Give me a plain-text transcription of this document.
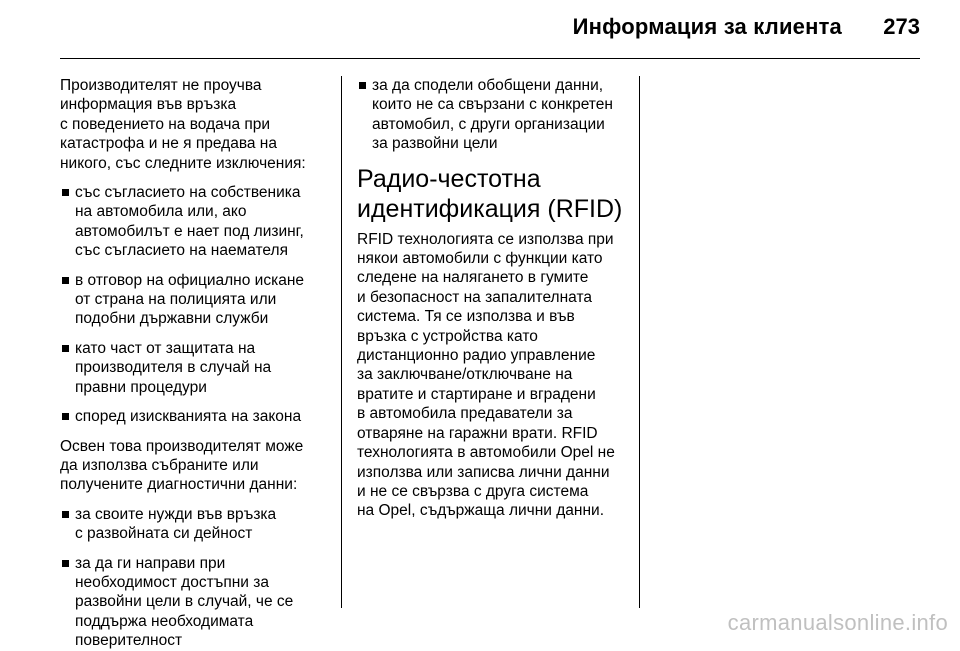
Информация за клиента 273

Производителят не проучва
информация във връзка
с поведението на водача при
катастрофа и не я предава на
никого, със следните изключения:

със съгласието на собственика
на автомобила или, ако
автомобилът е нает под лизинг,
със съгласието на наемателя
в отговор на официално искане
от страна на полицията или
подобни държавни служби
като част от защитата на
производителя в случай на
правни процедури
според изискванията на закона

Освен това производителят може
да използва събраните или
получените диагностични данни:

за своите нужди във връзка
с развойната си дейност
за да ги направи при
необходимост достъпни за
развойни цели в случай, че се
поддържа необходимата
поверителност
за да сподели обобщени данни,
които не са свързани с конкретен
автомобил, с други организации
за развойни цели
Радио-честотна
идентификация (RFID)

RFID технологията се използва при
някои автомобили с функции като
следене на налягането в гумите
и безопасност на запалителната
система. Тя се използва и във
връзка с устройства като
дистанционно радио управление
за заключване/отключване на
вратите и стартиране и вградени
в автомобила предаватели за
отваряне на гаражни врати. RFID
технологията в автомобили Opel не
използва или записва лични данни
и не се свързва с друга система
на Opel, съдържаща лични данни.

carmanualsonline.info
